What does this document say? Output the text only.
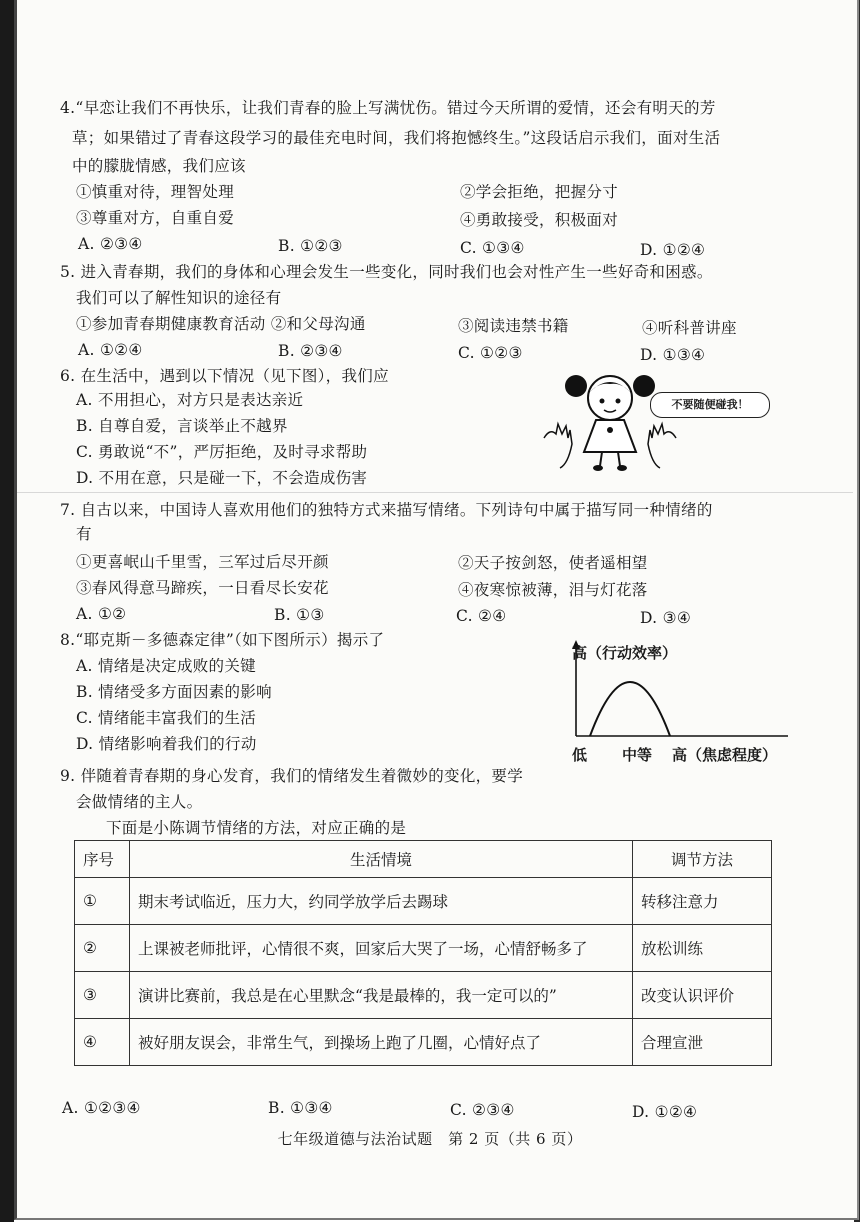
4.“早恋让我们不再快乐，让我们青春的脸上写满忧伤。错过今天所谓的爱情，还会有明天的芳
草；如果错过了青春这段学习的最佳充电时间，我们将抱憾终生。”这段话启示我们，面对生活
中的朦胧情感，我们应该
①慎重对待，理智处理	②学会拒绝，把握分寸
③尊重对方，自重自爱	④勇敢接受，积极面对
A. ②③④	B. ①②③	C. ①③④	D. ①②④
5. 进入青春期，我们的身体和心理会发生一些变化，同时我们也会对性产生一些好奇和困惑。
我们可以了解性知识的途径有
①参加青春期健康教育活动 ②和父母沟通	③阅读违禁书籍	④听科普讲座
A. ①②④	B. ②③④	C. ①②③	D. ①③④
6. 在生活中，遇到以下情况（见下图），我们应
A. 不用担心，对方只是表达亲近
B. 自尊自爱，言谈举止不越界
C. 勇敢说“不”，严厉拒绝，及时寻求帮助
D. 不用在意，只是碰一下，不会造成伤害
不要随便碰我！
7. 自古以来，中国诗人喜欢用他们的独特方式来描写情绪。下列诗句中属于描写同一种情绪的
有
①更喜岷山千里雪，三军过后尽开颜	②天子按剑怒，使者遥相望
③春风得意马蹄疾，一日看尽长安花	④夜寒惊被薄，泪与灯花落
A. ①②	B. ①③	C. ②④	D. ③④
8.“耶克斯－多德森定律”（如下图所示）揭示了
A. 情绪是决定成败的关键
B. 情绪受多方面因素的影响
C. 情绪能丰富我们的生活
D. 情绪影响着我们的行动
高（行动效率）
低 中等 高（焦虑程度）
9. 伴随着青春期的身心发育，我们的情绪发生着微妙的变化，要学
会做情绪的主人。
下面是小陈调节情绪的方法，对应正确的是
序号	生活情境	调节方法
①	期末考试临近，压力大，约同学放学后去踢球	转移注意力
②	上课被老师批评，心情很不爽，回家后大哭了一场，心情舒畅多了	放松训练
③	演讲比赛前，我总是在心里默念“我是最棒的，我一定可以的”	改变认识评价
④	被好朋友误会，非常生气，到操场上跑了几圈，心情好点了	合理宣泄
A. ①②③④	B. ①③④	C. ②③④	D. ①②④
七年级道德与法治试题　第 2 页（共 6 页）
